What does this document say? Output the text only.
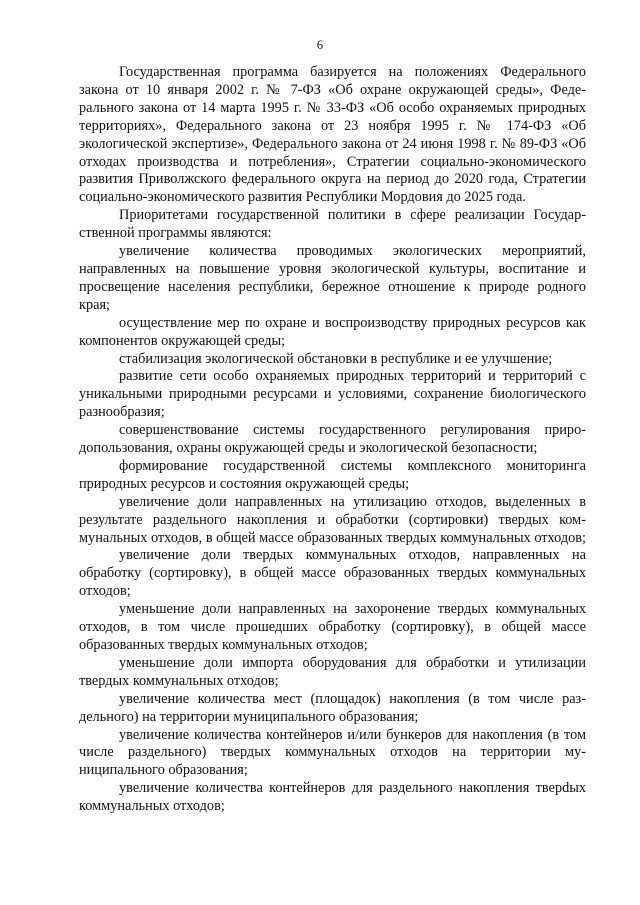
6

Государственная программа базируется на положениях Федерального закона от 10 января 2002 г. № 7-ФЗ «Об охране окружающей среды», Федерального закона от 14 марта 1995 г. № 33-ФЗ «Об особо охраняемых природных территориях», Федерального закона от 23 ноября 1995 г. № 174-ФЗ «Об экологической экспертизе», Федерального закона от 24 июня 1998 г. № 89-ФЗ «Об отходах производства и потребления», Стратегии социально-экономического развития Приволжского федерального округа на период до 2020 года, Стратегии социально-экономического развития Республики Мордовия до 2025 года.

Приоритетами государственной политики в сфере реализации Государственной программы являются:

увеличение количества проводимых экологических мероприятий, направленных на повышение уровня экологической культуры, воспитание и просвещение населения республики, бережное отношение к природе родного края;

осуществление мер по охране и воспроизводству природных ресурсов как компонентов окружающей среды;

стабилизация экологической обстановки в республике и ее улучшение;

развитие сети особо охраняемых природных территорий и территорий с уникальными природными ресурсами и условиями, сохранение биологического разнообразия;

совершенствование системы государственного регулирования природопользования, охраны окружающей среды и экологической безопасности;

формирование государственной системы комплексного мониторинга природных ресурсов и состояния окружающей среды;

увеличение доли направленных на утилизацию отходов, выделенных в результате раздельного накопления и обработки (сортировки) твердых коммунальных отходов, в общей массе образованных твердых коммунальных отходов;

увеличение доли твердых коммунальных отходов, направленных на обработку (сортировку), в общей массе образованных твердых коммунальных отходов;

уменьшение доли направленных на захоронение твердых коммунальных отходов, в том числе прошедших обработку (сортировку), в общей массе образованных твердых коммунальных отходов;

уменьшение доли импорта оборудования для обработки и утилизации твердых коммунальных отходов;

увеличение количества мест (площадок) накопления (в том числе раздельного) на территории муниципального образования;

увеличение количества контейнеров и/или бункеров для накопления (в том числе раздельного) твердых коммунальных отходов на территории муниципального образования;

увеличение количества контейнеров для раздельного накопления тверdых коммунальных отходов;
